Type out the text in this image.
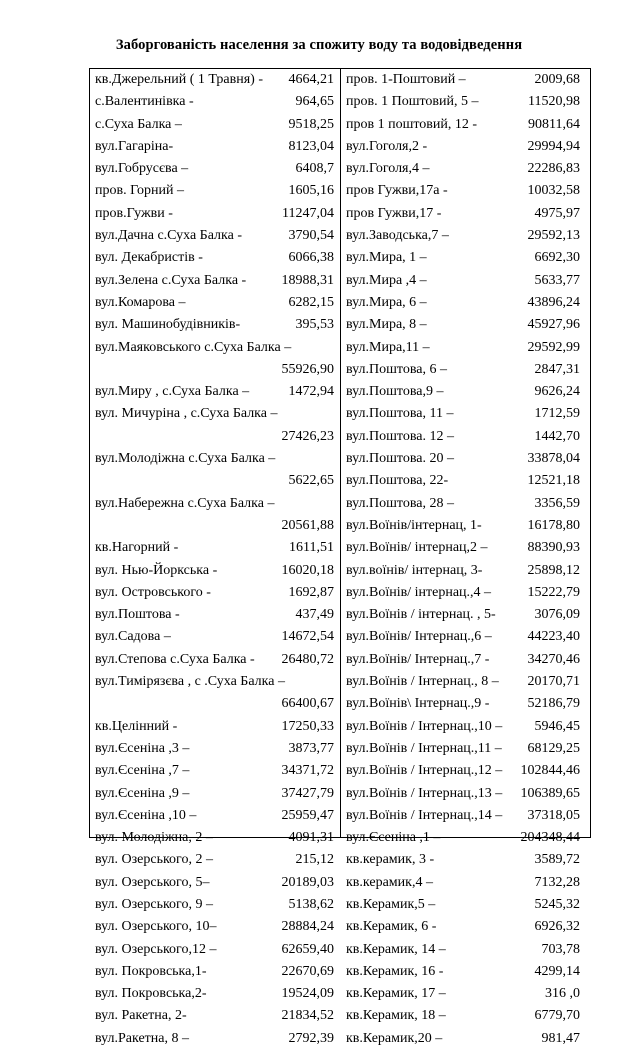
Заборгованість населення за спожиту воду та водовідведення
кв.Джерельний ( 1 Травня) - 4664,21
с.Валентинівка -	964,65
с.Суха Балка –	9518,25
вул.Гагаріна-	8123,04
вул.Гобрусєва –	6408,7
пров. Горний –	1605,16
пров.Гужви -	11247,04
вул.Дачна с.Суха Балка -	3790,54
вул. Декабристів -	6066,38
вул.Зелена с.Суха Балка -	18988,31
вул.Комарова –	6282,15
вул. Машинобудівників-	395,53
вул.Маяковського с.Суха Балка –
55926,90
вул.Миру , с.Суха Балка –	1472,94
вул. Мичуріна , с.Суха Балка –
27426,23
вул.Молодіжна с.Суха Балка –
5622,65
вул.Набережна с.Суха Балка –
20561,88
кв.Нагорний -	1611,51
вул. Нью-Йоркська -	16020,18
вул. Островського -	1692,87
вул.Поштова -	437,49
вул.Садова –	14672,54
вул.Степова с.Суха Балка - 26480,72
вул.Тимірязєва , с .Суха Балка –
66400,67
кв.Целінний -	17250,33
вул.Єсеніна ,3 –	3873,77
вул.Єсеніна ,7 –	34371,72
вул.Єсеніна ,9 –	37427,79
вул.Єсеніна ,10 –	25959,47
вул. Молодіжна, 2 –	4091,31
вул. Озерського, 2 –	215,12
вул. Озерського, 5–	20189,03
вул. Озерського, 9 –	5138,62
вул. Озерського, 10–	28884,24
вул. Озерського,12 –	62659,40
вул. Покровська,1-	22670,69
вул. Покровська,2-	19524,09
вул. Ракетна, 2-	21834,52
вул.Ракетна, 8 –	2792,39
пров. 1-Поштовий –	2009,68
пров. 1 Поштовий, 5 –	11520,98
пров 1 поштовий, 12 -	90811,64
вул.Гоголя,2 -	29994,94
вул.Гоголя,4 –	22286,83
пров Гужви,17а -	10032,58
пров Гужви,17 -	4975,97
вул.Заводська,7 –	29592,13
вул.Мира, 1 –	6692,30
вул.Мира ,4 –	5633,77
вул.Мира, 6 –	43896,24
вул.Мира, 8 –	45927,96
вул.Мира,11 –	29592,99
вул.Поштова, 6 –	2847,31
вул.Поштова,9 –	9626,24
вул.Поштова, 11 –	1712,59
вул.Поштова. 12 –	1442,70
вул.Поштова. 20 –	33878,04
вул.Поштова, 22-	12521,18
вул.Поштова, 28 –	3356,59
вул.Воїнів/інтернац, 1-	16178,80
вул.Воїнів/ інтернац,2 –	88390,93
вул.воїнів/ інтернац, 3-	25898,12
вул.Воїнів/ інтернац.,4 –	15222,79
вул.Воїнів / інтернац. , 5-	3076,09
вул.Воїнів/ Інтернац.,6 –	44223,40
вул.Воїнів/ Інтернац.,7 -	34270,46
вул.Воїнів / Інтернац., 8 – 20170,71
вул.Воїнів\ Інтернац.,9 -	52186,79
вул.Воїнів / Інтернац.,10 – 5946,45
вул.Воїнів / Інтернац.,11 – 68129,25
вул.Воїнів / Інтернац.,12 – 102844,46
вул.Воїнів / Інтернац.,13 – 106389,65
вул.Воїнів / Інтернац.,14 – 37318,05
вул.Єсеніна ,1 –	204348,44
кв.керамик, 3 -	3589,72
кв.керамик,4 –	7132,28
кв.Керамик,5 –	5245,32
кв.Керамик, 6 -	6926,32
кв.Керамик, 14 –	703,78
кв.Керамик, 16 -	4299,14
кв.Керамик, 17 –	316 ,0
кв.Керамик, 18 –	6779,70
кв.Керамик,20 –	981,47
